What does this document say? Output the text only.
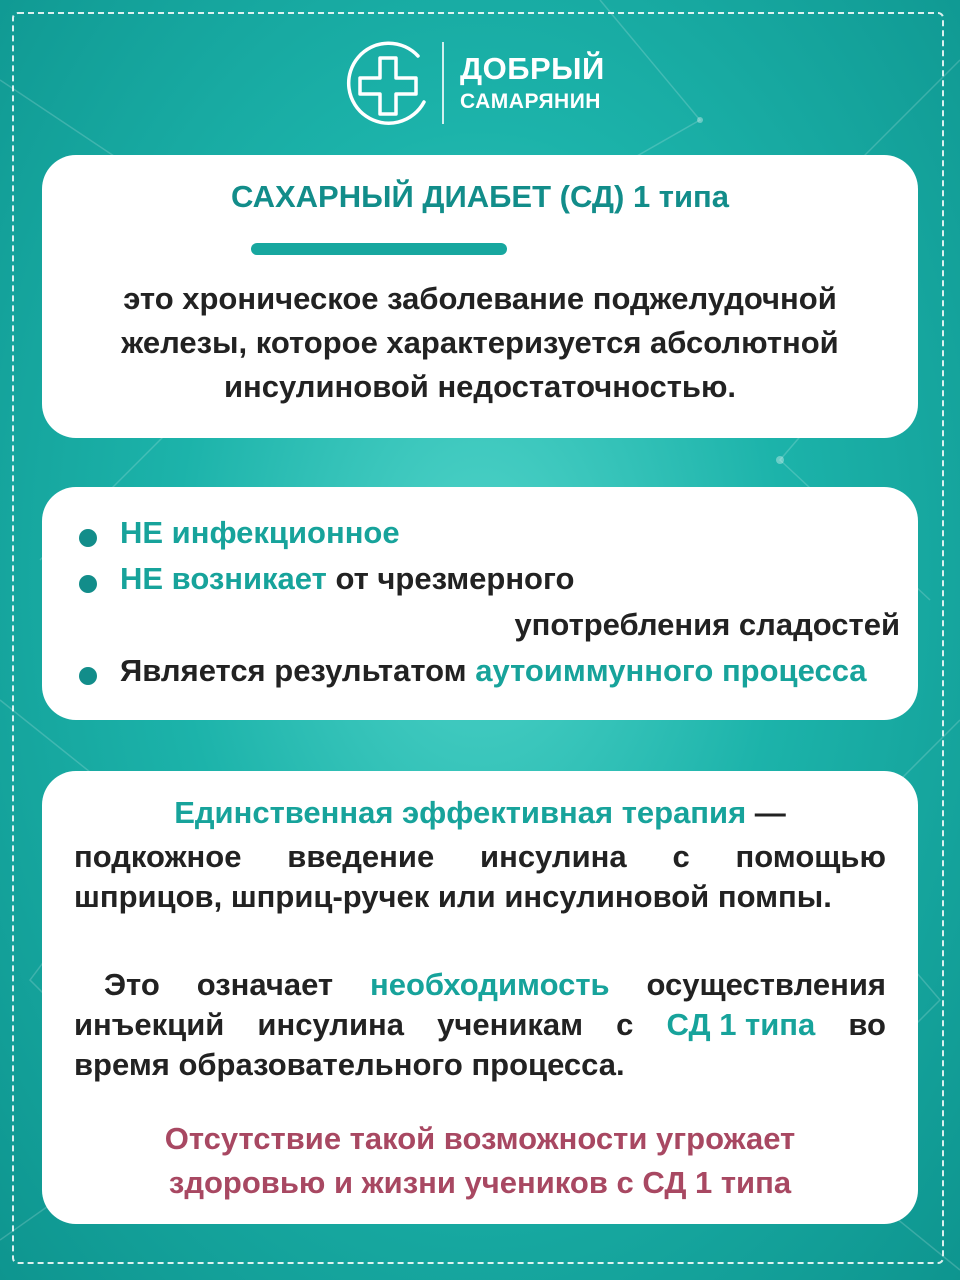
ДОБРЫЙ
САМАРЯНИН
САХАРНЫЙ ДИАБЕТ (СД) 1 типа
это хроническое заболевание поджелудочной
железы, которое характеризуется абсолютной
инсулиновой недостаточностью.
НЕ инфекционное
НЕ возникает от чрезмерного
употребления сладостей
Является результатом аутоиммунного процесса
Единственная эффективная терапия —
подкожное введение инсулина с помощью
шприцов, шприц-ручек или инсулиновой помпы.
Это означает необходимость осуществления
инъекций инсулина ученикам с СД 1 типа во
время образовательного процесса.
Отсутствие такой возможности угрожает
здоровью и жизни учеников с СД 1 типа
